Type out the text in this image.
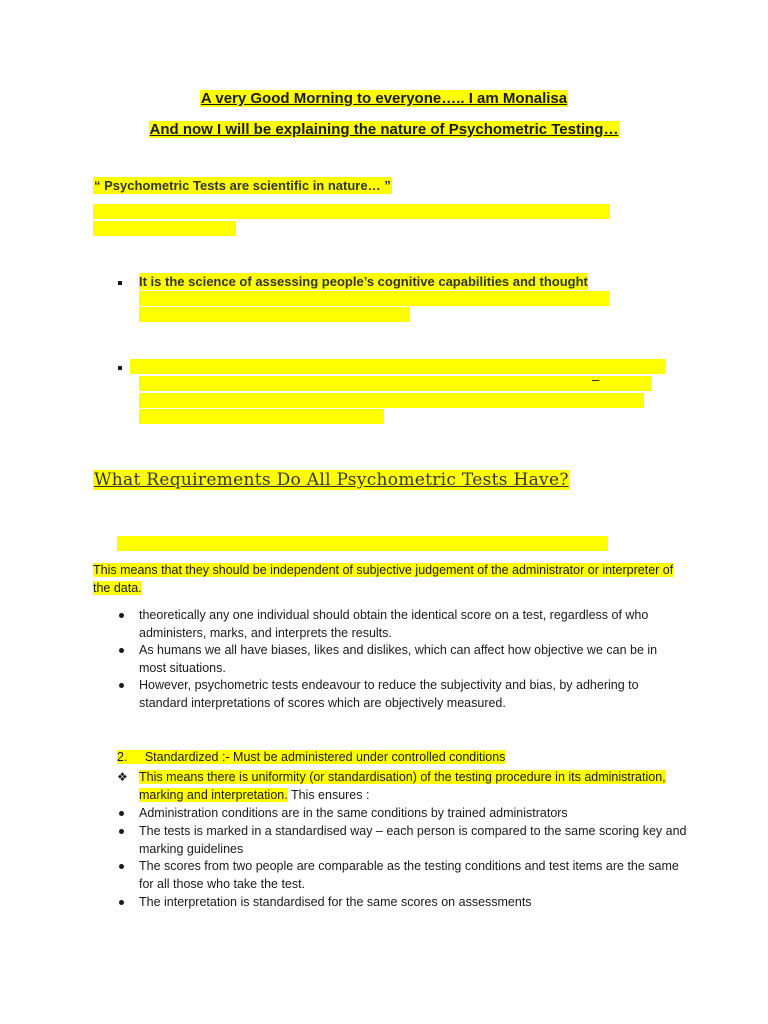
A very Good Morning to everyone….. I am Monalisa
And now I will be explaining the nature of Psychometric Testing…
“ Psychometric Tests are scientific in nature… ”
It is the science of assessing people’s cognitive capabilities and thought
–
What Requirements Do All Psychometric Tests Have?
This means that they should be independent of subjective judgement of the administrator or interpreter of the data.
theoretically any one individual should obtain the identical score on a test, regardless of who administers, marks, and interprets the results.
As humans we all have biases, likes and dislikes, which can affect how objective we can be in most situations.
However, psychometric tests endeavour to reduce the subjectivity and bias, by adhering to standard interpretations of scores which are objectively measured.
2. Standardized :- Must be administered under controlled conditions
❖ This means there is uniformity (or standardisation) of the testing procedure in its administration, marking and interpretation. This ensures :
Administration conditions are in the same conditions by trained administrators
The tests is marked in a standardised way – each person is compared to the same scoring key and marking guidelines
The scores from two people are comparable as the testing conditions and test items are the same for all those who take the test.
The interpretation is standardised for the same scores on assessments
